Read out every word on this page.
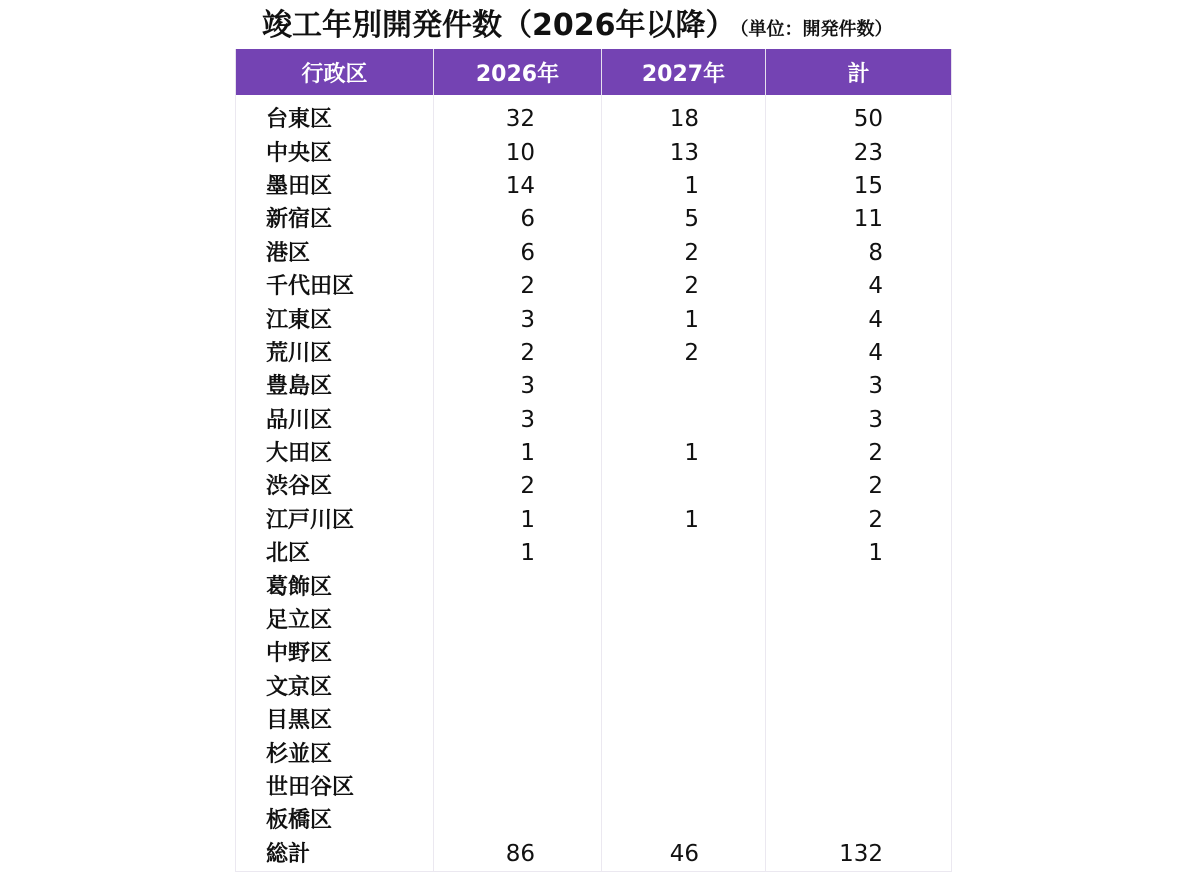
竣工年別開発件数（2026年以降） （単位：開発件数）
行政区	2026年	2027年	計

台東区	32	18	50
中央区	10	13	23
墨田区	14	1	15
新宿区	6	5	11
港区	6	2	8
千代田区	2	2	4
江東区	3	1	4
荒川区	2	2	4
豊島区	3		3
品川区	3		3
大田区	1	1	2
渋谷区	2		2
江戸川区	1	1	2
北区	1		1
葛飾区			
足立区			
中野区			
文京区			
目黒区			
杉並区			
世田谷区			
板橋区			
総計	86	46	132
